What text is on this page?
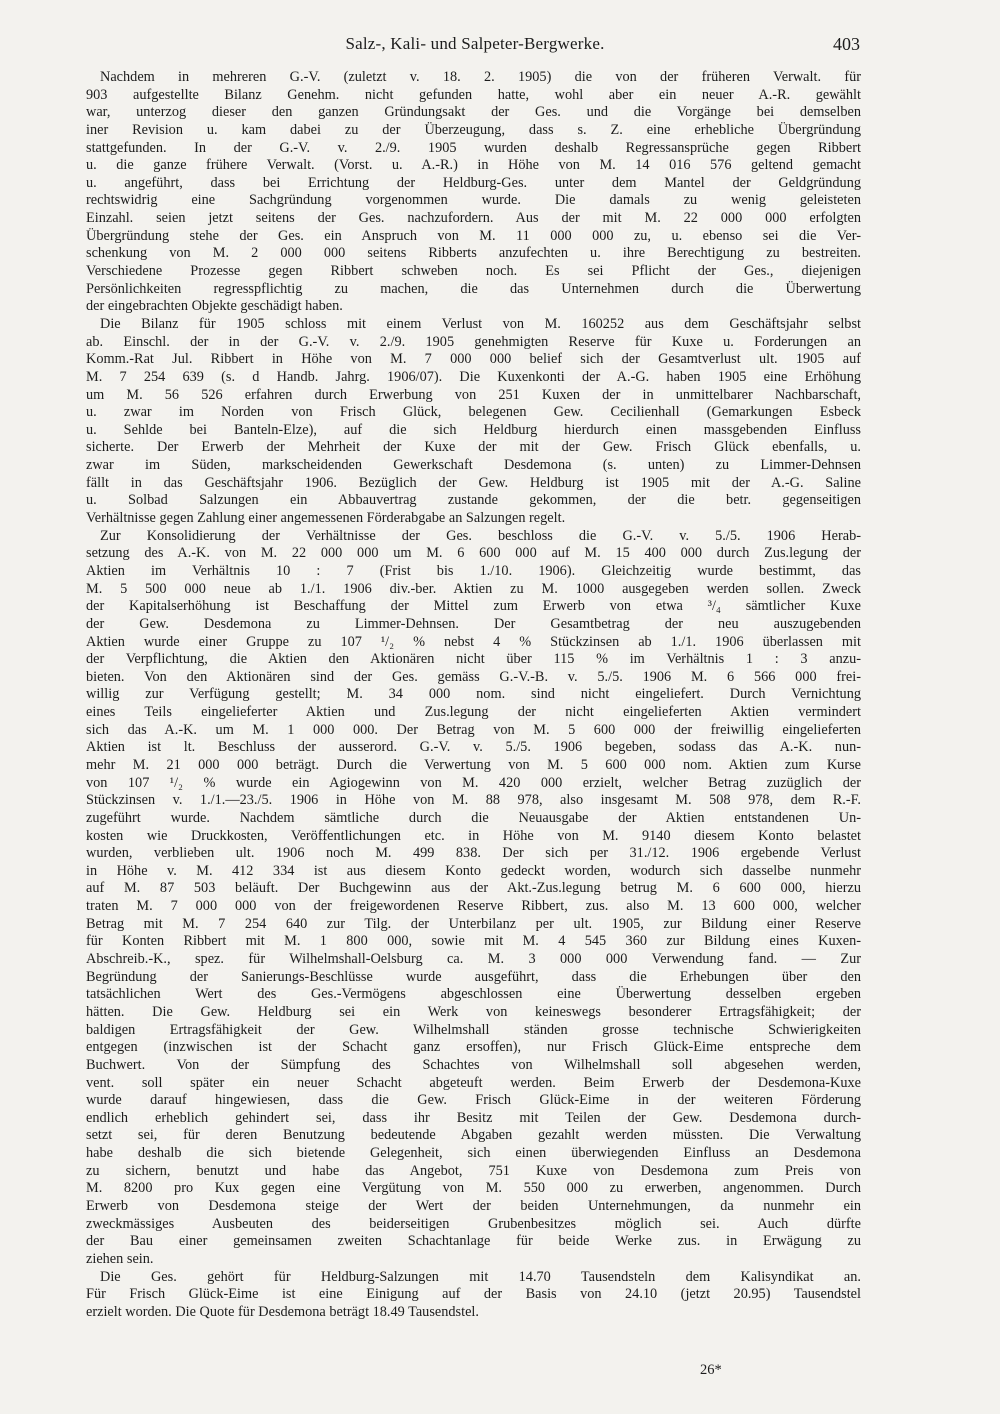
Salz-, Kali- und Salpeter-Bergwerke.	403
Nachdem in mehreren G.-V. (zuletzt v. 18. 2. 1905) die von der früheren Verwalt. für
903 aufgestellte Bilanz Genehm. nicht gefunden hatte, wohl aber ein neuer A.-R. gewählt
war, unterzog dieser den ganzen Gründungsakt der Ges. und die Vorgänge bei demselben
iner Revision u. kam dabei zu der Überzeugung, dass s. Z. eine erhebliche Übergründung
stattgefunden. In der G.-V. v. 2./9. 1905 wurden deshalb Regressansprüche gegen Ribbert
u. die ganze frühere Verwalt. (Vorst. u. A.-R.) in Höhe von M. 14 016 576 geltend gemacht
u. angeführt, dass bei Errichtung der Heldburg-Ges. unter dem Mantel der Geldgründung
rechtswidrig eine Sachgründung vorgenommen wurde. Die damals zu wenig geleisteten
Einzahl. seien jetzt seitens der Ges. nachzufordern. Aus der mit M. 22 000 000 erfolgten
Übergründung stehe der Ges. ein Anspruch von M. 11 000 000 zu, u. ebenso sei die Ver-
schenkung von M. 2 000 000 seitens Ribberts anzufechten u. ihre Berechtigung zu bestreiten.
Verschiedene Prozesse gegen Ribbert schweben noch. Es sei Pflicht der Ges., diejenigen
Persönlichkeiten regresspflichtig zu machen, die das Unternehmen durch die Überwertung
der eingebrachten Objekte geschädigt haben.
Die Bilanz für 1905 schloss mit einem Verlust von M. 160252 aus dem Geschäftsjahr selbst
ab. Einschl. der in der G.-V. v. 2./9. 1905 genehmigten Reserve für Kuxe u. Forderungen an
Komm.-Rat Jul. Ribbert in Höhe von M. 7 000 000 belief sich der Gesamtverlust ult. 1905 auf
M. 7 254 639 (s. d Handb. Jahrg. 1906/07). Die Kuxenkonti der A.-G. haben 1905 eine Erhöhung
um M. 56 526 erfahren durch Erwerbung von 251 Kuxen der in unmittelbarer Nachbarschaft,
u. zwar im Norden von Frisch Glück, belegenen Gew. Cecilienhall (Gemarkungen Esbeck
u. Sehlde bei Banteln-Elze), auf die sich Heldburg hierdurch einen massgebenden Einfluss
sicherte. Der Erwerb der Mehrheit der Kuxe der mit der Gew. Frisch Glück ebenfalls, u.
zwar im Süden, markscheidenden Gewerkschaft Desdemona (s. unten) zu Limmer-Dehnsen
fällt in das Geschäftsjahr 1906. Bezüglich der Gew. Heldburg ist 1905 mit der A.-G. Saline
u. Solbad Salzungen ein Abbauvertrag zustande gekommen, der die betr. gegenseitigen
Verhältnisse gegen Zahlung einer angemessenen Förderabgabe an Salzungen regelt.
Zur Konsolidierung der Verhältnisse der Ges. beschloss die G.-V. v. 5./5. 1906 Herab-
setzung des A.-K. von M. 22 000 000 um M. 6 600 000 auf M. 15 400 000 durch Zus.legung der
Aktien im Verhältnis 10 : 7 (Frist bis 1./10. 1906). Gleichzeitig wurde bestimmt, das
M. 5 500 000 neue ab 1./1. 1906 div.-ber. Aktien zu M. 1000 ausgegeben werden sollen. Zweck
der Kapitalserhöhung ist Beschaffung der Mittel zum Erwerb von etwa ³/₄ sämtlicher Kuxe
der Gew. Desdemona zu Limmer-Dehnsen. Der Gesamtbetrag der neu auszugebenden
Aktien wurde einer Gruppe zu 107 ¹/₂ % nebst 4 % Stückzinsen ab 1./1. 1906 überlassen mit
der Verpflichtung, die Aktien den Aktionären nicht über 115 % im Verhältnis 1 : 3 anzu-
bieten. Von den Aktionären sind der Ges. gemäss G.-V.-B. v. 5./5. 1906 M. 6 566 000 frei-
willig zur Verfügung gestellt; M. 34 000 nom. sind nicht eingeliefert. Durch Vernichtung
eines Teils eingelieferter Aktien und Zus.legung der nicht eingelieferten Aktien vermindert
sich das A.-K. um M. 1 000 000. Der Betrag von M. 5 600 000 der freiwillig eingelieferten
Aktien ist lt. Beschluss der ausserord. G.-V. v. 5./5. 1906 begeben, sodass das A.-K. nun-
mehr M. 21 000 000 beträgt. Durch die Verwertung von M. 5 600 000 nom. Aktien zum Kurse
von 107 ¹/₂ % wurde ein Agiogewinn von M. 420 000 erzielt, welcher Betrag zuzüglich der
Stückzinsen v. 1./1.—23./5. 1906 in Höhe von M. 88 978, also insgesamt M. 508 978, dem R.-F.
zugeführt wurde. Nachdem sämtliche durch die Neuausgabe der Aktien entstandenen Un-
kosten wie Druckkosten, Veröffentlichungen etc. in Höhe von M. 9140 diesem Konto belastet
wurden, verblieben ult. 1906 noch M. 499 838. Der sich per 31./12. 1906 ergebende Verlust
in Höhe v. M. 412 334 ist aus diesem Konto gedeckt worden, wodurch sich dasselbe nunmehr
auf M. 87 503 beläuft. Der Buchgewinn aus der Akt.-Zus.legung betrug M. 6 600 000, hierzu
traten M. 7 000 000 von der freigewordenen Reserve Ribbert, zus. also M. 13 600 000, welcher
Betrag mit M. 7 254 640 zur Tilg. der Unterbilanz per ult. 1905, zur Bildung einer Reserve
für Konten Ribbert mit M. 1 800 000, sowie mit M. 4 545 360 zur Bildung eines Kuxen-
Abschreib.-K., spez. für Wilhelmshall-Oelsburg ca. M. 3 000 000 Verwendung fand. — Zur
Begründung der Sanierungs-Beschlüsse wurde ausgeführt, dass die Erhebungen über den
tatsächlichen Wert des Ges.-Vermögens abgeschlossen eine Überwertung desselben ergeben
hätten. Die Gew. Heldburg sei ein Werk von keineswegs besonderer Ertragsfähigkeit; der
baldigen Ertragsfähigkeit der Gew. Wilhelmshall ständen grosse technische Schwierigkeiten
entgegen (inzwischen ist der Schacht ganz ersoffen), nur Frisch Glück-Eime entspreche dem
Buchwert. Von der Sümpfung des Schachtes von Wilhelmshall soll abgesehen werden,
vent. soll später ein neuer Schacht abgeteuft werden. Beim Erwerb der Desdemona-Kuxe
wurde darauf hingewiesen, dass die Gew. Frisch Glück-Eime in der weiteren Förderung
endlich erheblich gehindert sei, dass ihr Besitz mit Teilen der Gew. Desdemona durch-
setzt sei, für deren Benutzung bedeutende Abgaben gezahlt werden müssten. Die Verwaltung
habe deshalb die sich bietende Gelegenheit, sich einen überwiegenden Einfluss an Desdemona
zu sichern, benutzt und habe das Angebot, 751 Kuxe von Desdemona zum Preis von
M. 8200 pro Kux gegen eine Vergütung von M. 550 000 zu erwerben, angenommen. Durch
Erwerb von Desdemona steige der Wert der beiden Unternehmungen, da nunmehr ein
zweckmässiges Ausbeuten des beiderseitigen Grubenbesitzes möglich sei. Auch dürfte
der Bau einer gemeinsamen zweiten Schachtanlage für beide Werke zus. in Erwägung zu
ziehen sein.
Die Ges. gehört für Heldburg-Salzungen mit 14.70 Tausendsteln dem Kalisyndikat an.
Für Frisch Glück-Eime ist eine Einigung auf der Basis von 24.10 (jetzt 20.95) Tausendstel
erzielt worden. Die Quote für Desdemona beträgt 18.49 Tausendstel.
26*
